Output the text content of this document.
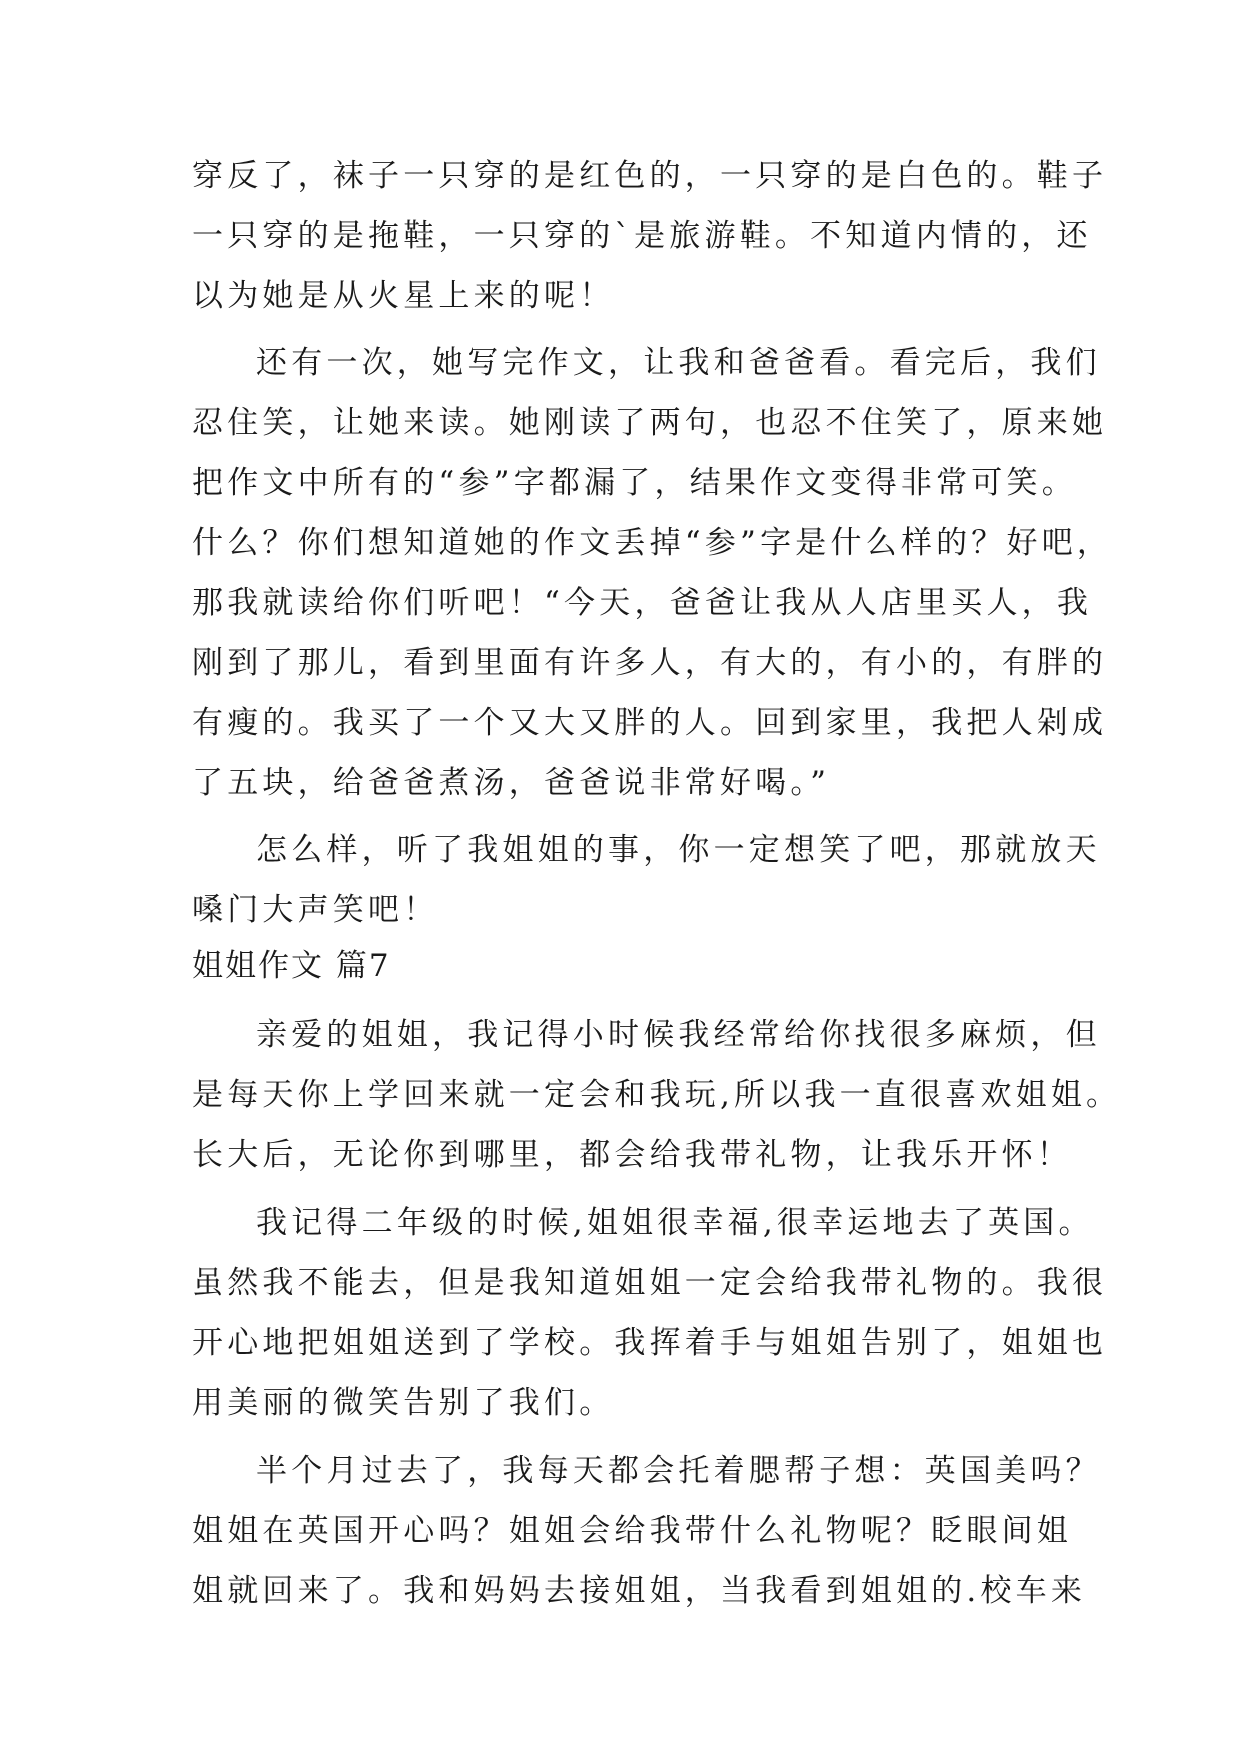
穿反了，袜子一只穿的是红色的，一只穿的是白色的。鞋子
一只穿的是拖鞋，一只穿的`是旅游鞋。不知道内情的，还
以为她是从火星上来的呢！
还有一次，她写完作文，让我和爸爸看。看完后，我们
忍住笑，让她来读。她刚读了两句，也忍不住笑了，原来她
把作文中所有的“参”字都漏了，结果作文变得非常可笑。
什么？你们想知道她的作文丢掉“参”字是什么样的？好吧，
那我就读给你们听吧！“今天，爸爸让我从人店里买人，我
刚到了那儿，看到里面有许多人，有大的，有小的，有胖的
有瘦的。我买了一个又大又胖的人。回到家里，我把人剁成
了五块，给爸爸煮汤，爸爸说非常好喝。”
怎么样，听了我姐姐的事，你一定想笑了吧，那就放天
嗓门大声笑吧！
姐姐作文 篇7
亲爱的姐姐，我记得小时候我经常给你找很多麻烦，但
是每天你上学回来就一定会和我玩,所以我一直很喜欢姐姐。
长大后，无论你到哪里，都会给我带礼物，让我乐开怀！
我记得二年级的时候,姐姐很幸福,很幸运地去了英国。
虽然我不能去，但是我知道姐姐一定会给我带礼物的。我很
开心地把姐姐送到了学校。我挥着手与姐姐告别了，姐姐也
用美丽的微笑告别了我们。
半个月过去了，我每天都会托着腮帮子想：英国美吗？
姐姐在英国开心吗？姐姐会给我带什么礼物呢？眨眼间姐
姐就回来了。我和妈妈去接姐姐，当我看到姐姐的.校车来
